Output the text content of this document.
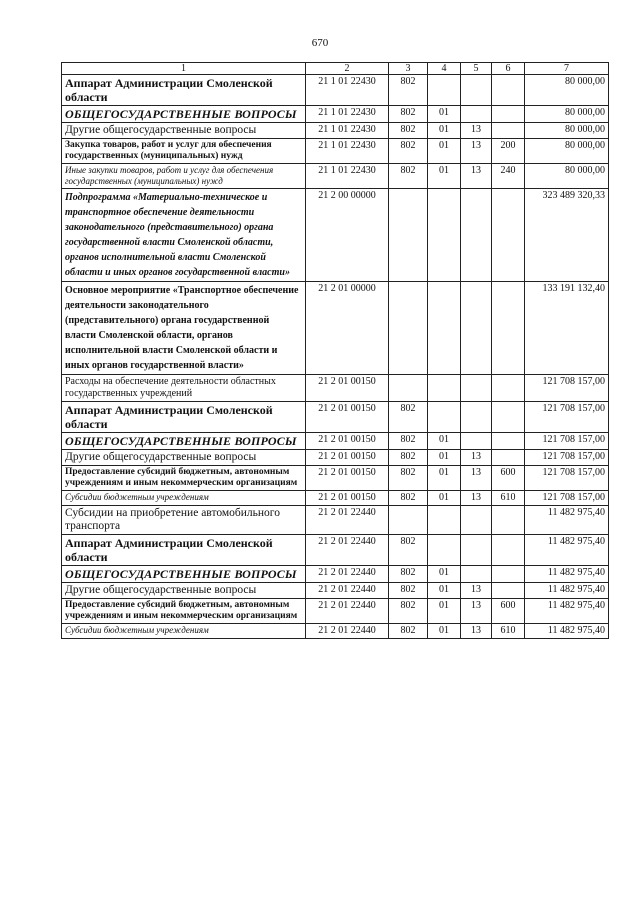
670
1	2	3	4	5	6	7
Аппарат Администрации Смоленской области	21 1 01 22430	802				80 000,00
ОБЩЕГОСУДАРСТВЕННЫЕ ВОПРОСЫ	21 1 01 22430	802	01			80 000,00
Другие общегосударственные вопросы	21 1 01 22430	802	01	13		80 000,00
Закупка товаров, работ и услуг для обеспечения государственных (муниципальных) нужд	21 1 01 22430	802	01	13	200	80 000,00
Иные закупки товаров, работ и услуг для обеспечения государственных (муниципальных) нужд	21 1 01 22430	802	01	13	240	80 000,00
Подпрограмма «Материально-техническое и транспортное обеспечение деятельности законодательного (представительного) органа государственной власти Смоленской области, органов исполнительной власти Смоленской области и иных органов государственной власти»	21 2 00 00000					323 489 320,33
Основное мероприятие «Транспортное обеспечение деятельности законодательного (представительного) органа государственной власти Смоленской области, органов исполнительной власти Смоленской области и иных органов государственной власти»	21 2 01 00000					133 191 132,40
Расходы на обеспечение деятельности областных государственных учреждений	21 2 01 00150					121 708 157,00
Аппарат Администрации Смоленской области	21 2 01 00150	802				121 708 157,00
ОБЩЕГОСУДАРСТВЕННЫЕ ВОПРОСЫ	21 2 01 00150	802	01			121 708 157,00
Другие общегосударственные вопросы	21 2 01 00150	802	01	13		121 708 157,00
Предоставление субсидий бюджетным, автономным учреждениям и иным некоммерческим организациям	21 2 01 00150	802	01	13	600	121 708 157,00
Субсидии бюджетным учреждениям	21 2 01 00150	802	01	13	610	121 708 157,00
Субсидии на приобретение автомобильного транспорта	21 2 01 22440					11 482 975,40
Аппарат Администрации Смоленской области	21 2 01 22440	802				11 482 975,40
ОБЩЕГОСУДАРСТВЕННЫЕ ВОПРОСЫ	21 2 01 22440	802	01			11 482 975,40
Другие общегосударственные вопросы	21 2 01 22440	802	01	13		11 482 975,40
Предоставление субсидий бюджетным, автономным учреждениям и иным некоммерческим организациям	21 2 01 22440	802	01	13	600	11 482 975,40
Субсидии бюджетным учреждениям	21 2 01 22440	802	01	13	610	11 482 975,40
